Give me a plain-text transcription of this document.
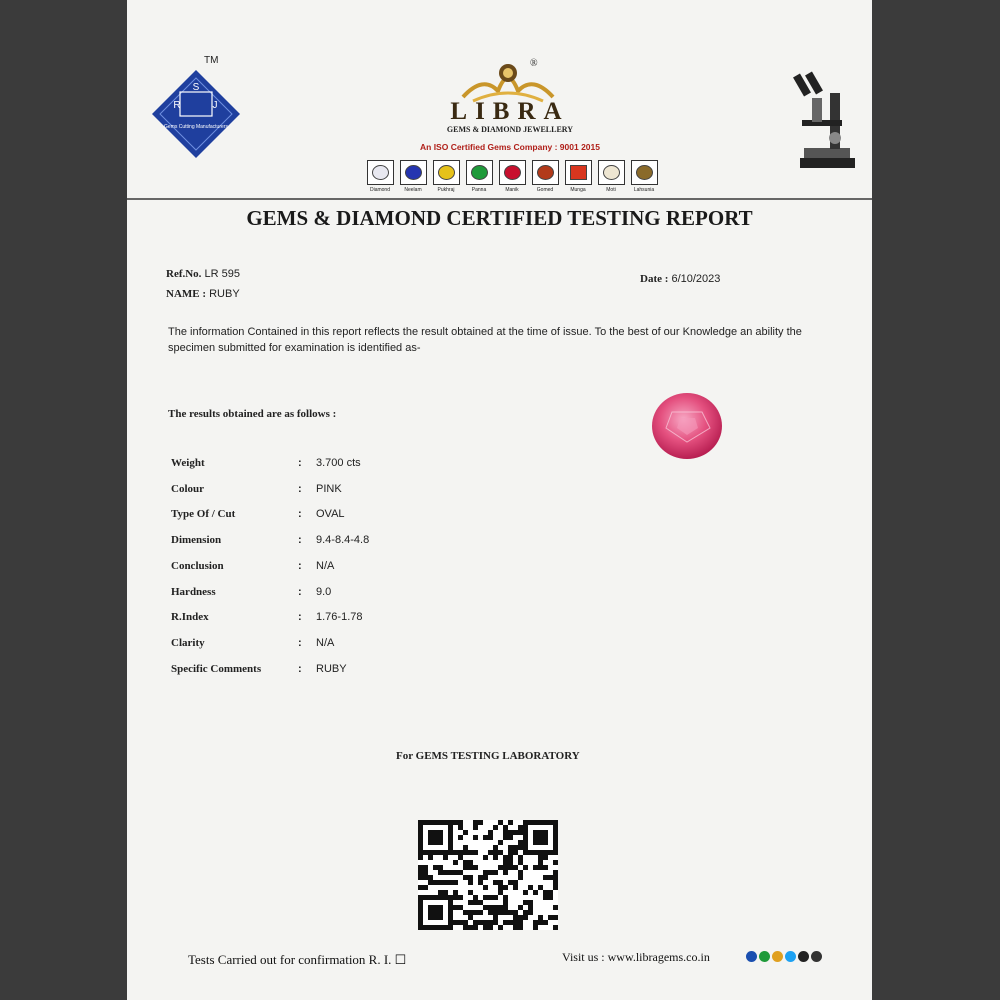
S
R	J
Gems Cutting Manufacturers
TM	®
LIBRA
GEMS & DIAMOND JEWELLERY
An ISO Certified Gems Company : 9001 2015
Diamond	Neelam	Pukhraj	Panna	Manik	Gomed	Munga	Moti	Lahsunia
GEMS & DIAMOND CERTIFIED TESTING REPORT
Ref.No. LR 595
NAME : RUBY
Date : 6/10/2023
The information Contained in this report reflects the result obtained at the time of issue. To the best of our Knowledge an ability the specimen submitted for examination is identified as-
The results obtained are as follows :
Weight	: 3.700 cts
Colour	: PINK
Type Of / Cut	: OVAL
Dimension	: 9.4-8.4-4.8
Conclusion	: N/A
Hardness	: 9.0
R.Index	: 1.76-1.78
Clarity	: N/A
Specific Comments	: RUBY
For GEMS TESTING LABORATORY
Tests Carried out for confirmation R. I. ☐	Visit us : www.libragems.co.in
